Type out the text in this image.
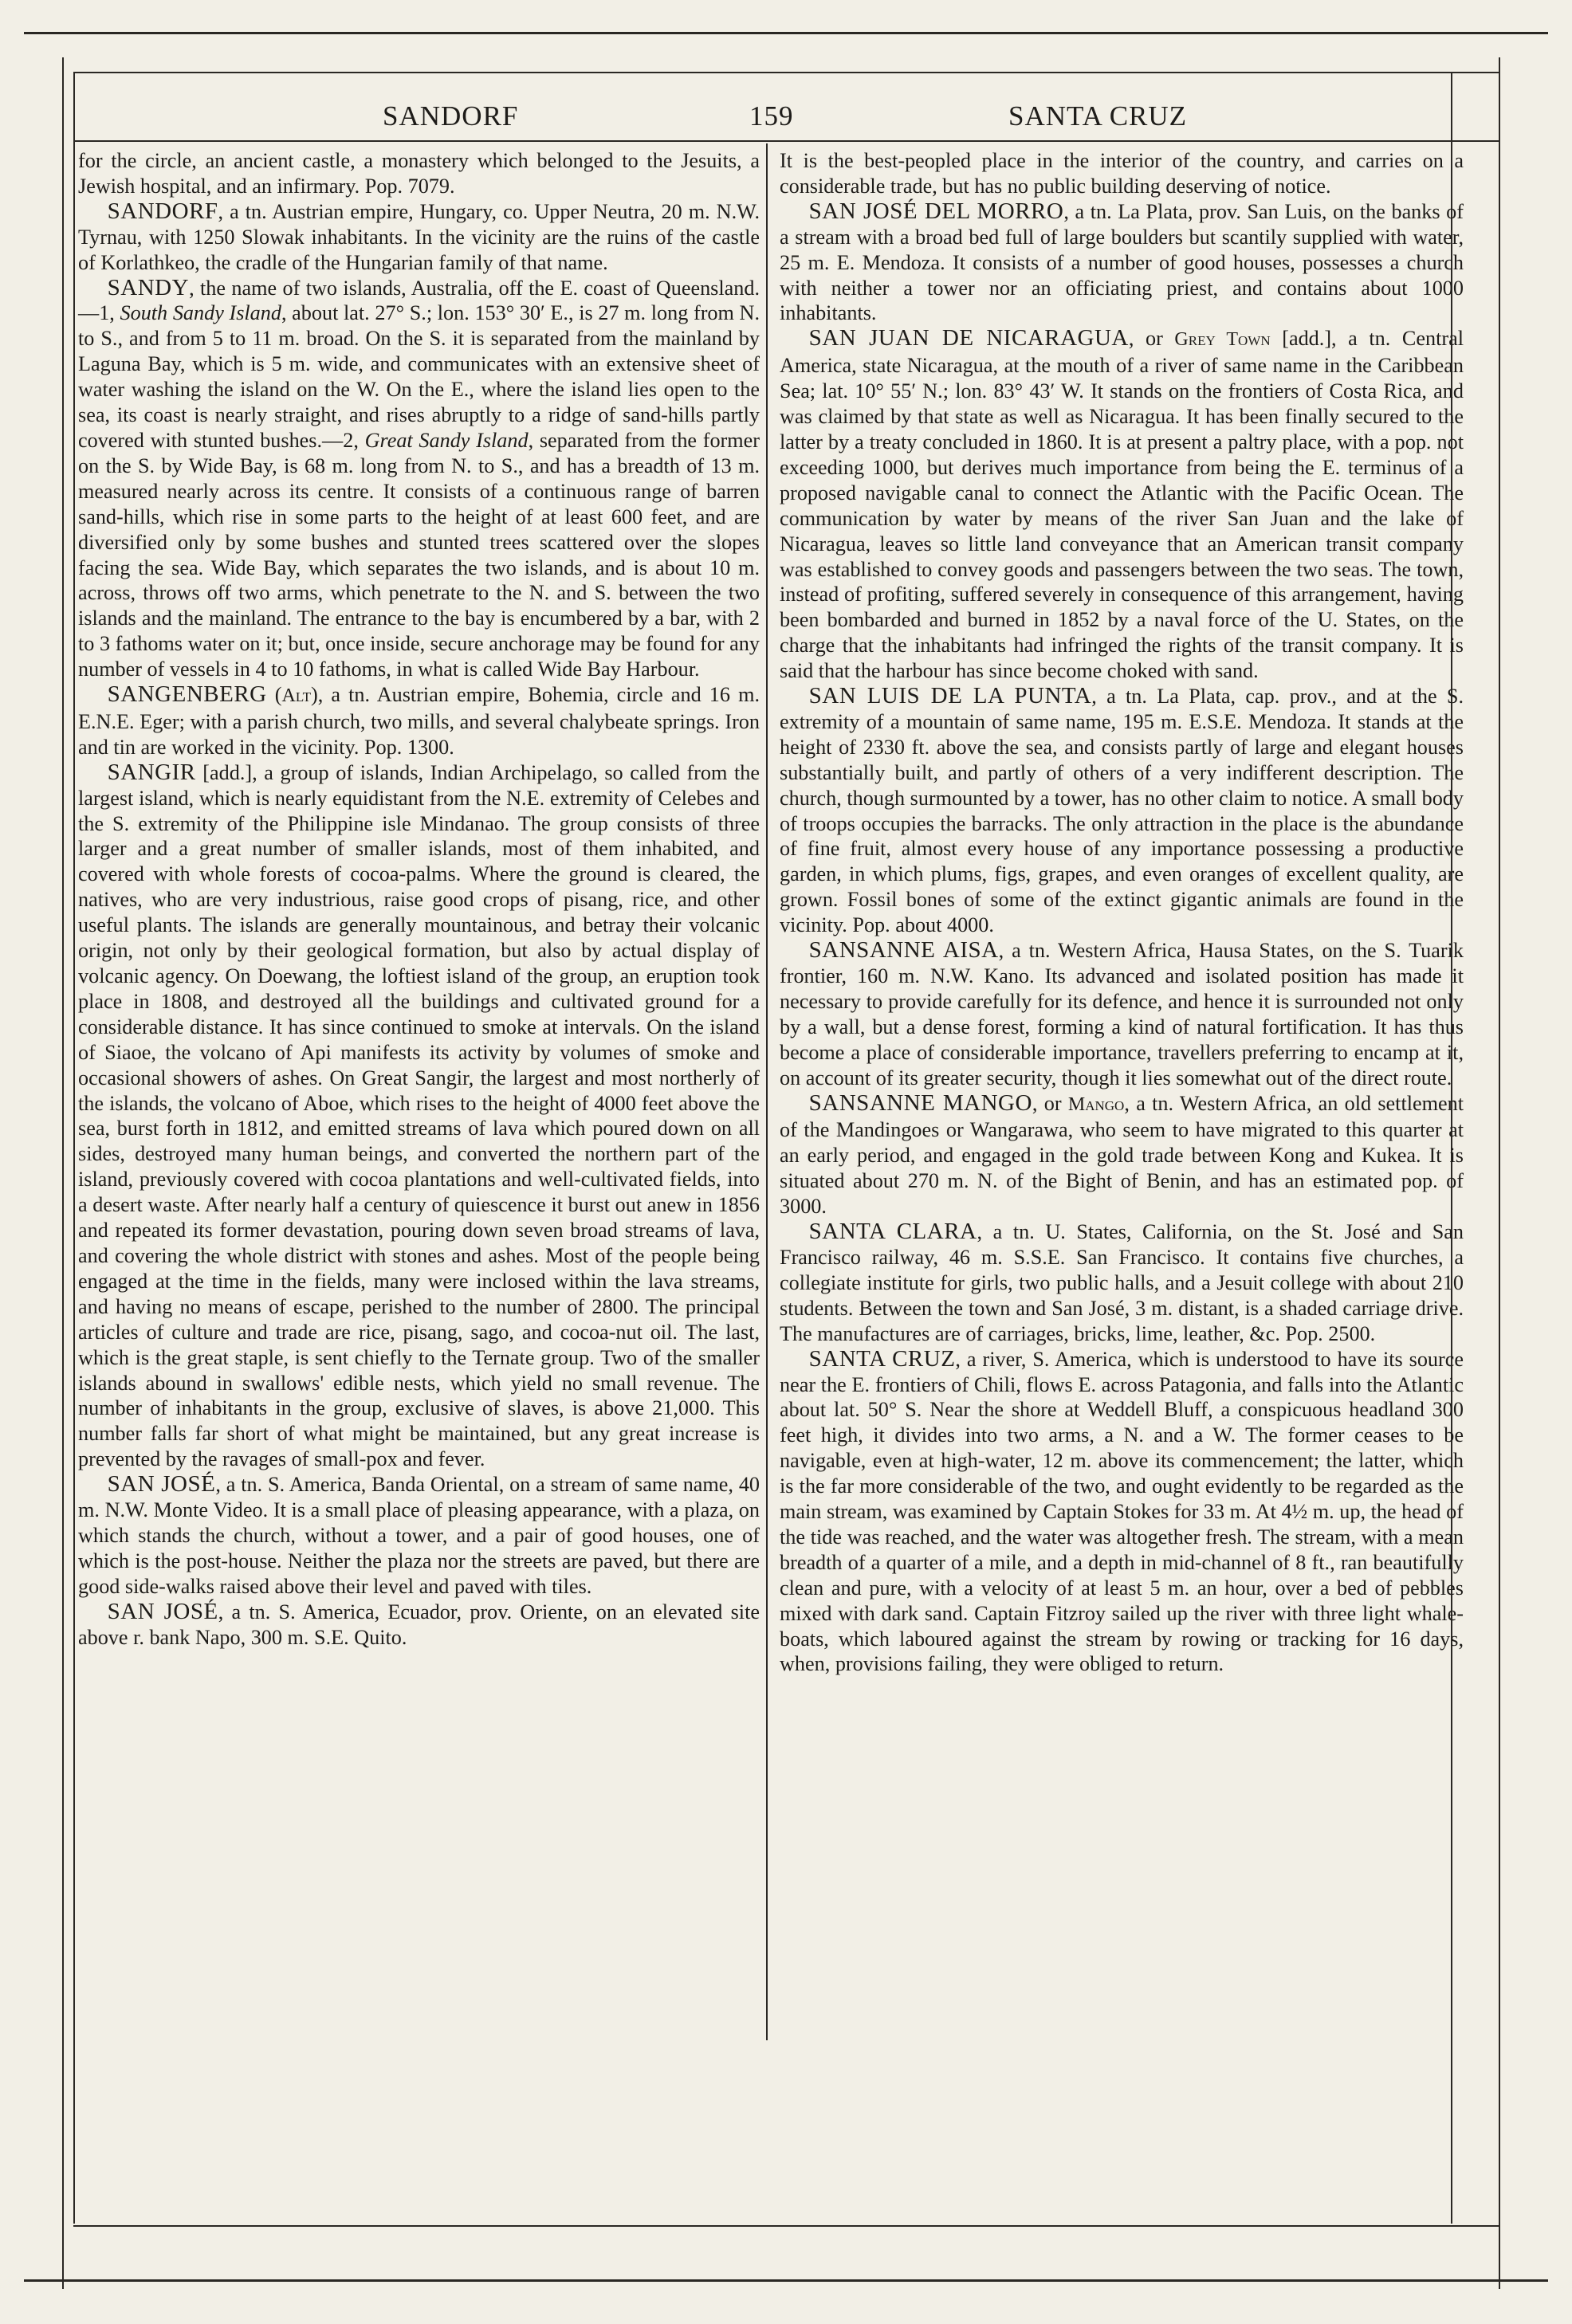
SANDORF	159	SANTA CRUZ

for the circle, an ancient castle, a monastery which belonged to the Jesuits, a Jewish hospital, and an infirmary. Pop. 7079.

SANDORF, a tn. Austrian empire, Hungary, co. Upper Neutra, 20 m. N.W. Tyrnau, with 1250 Slowak inhabitants. In the vicinity are the ruins of the castle of Korlathkeo, the cradle of the Hungarian family of that name.

SANDY, the name of two islands, Australia, off the E. coast of Queensland.—1, South Sandy Island, about lat. 27° S.; lon. 153° 30′ E., is 27 m. long from N. to S., and from 5 to 11 m. broad. On the S. it is separated from the mainland by Laguna Bay, which is 5 m. wide, and communicates with an extensive sheet of water washing the island on the W. On the E., where the island lies open to the sea, its coast is nearly straight, and rises abruptly to a ridge of sand-hills partly covered with stunted bushes.—2, Great Sandy Island, separated from the former on the S. by Wide Bay, is 68 m. long from N. to S., and has a breadth of 13 m. measured nearly across its centre. It consists of a continuous range of barren sand-hills, which rise in some parts to the height of at least 600 feet, and are diversified only by some bushes and stunted trees scattered over the slopes facing the sea. Wide Bay, which separates the two islands, and is about 10 m. across, throws off two arms, which penetrate to the N. and S. between the two islands and the mainland. The entrance to the bay is encumbered by a bar, with 2 to 3 fathoms water on it; but, once inside, secure anchorage may be found for any number of vessels in 4 to 10 fathoms, in what is called Wide Bay Harbour.

SANGENBERG (Alt), a tn. Austrian empire, Bohemia, circle and 16 m. E.N.E. Eger; with a parish church, two mills, and several chalybeate springs. Iron and tin are worked in the vicinity. Pop. 1300.

SANGIR [add.], a group of islands, Indian Archipelago, so called from the largest island, which is nearly equidistant from the N.E. extremity of Celebes and the S. extremity of the Philippine isle Mindanao. The group consists of three larger and a great number of smaller islands, most of them inhabited, and covered with whole forests of cocoa-palms. Where the ground is cleared, the natives, who are very industrious, raise good crops of pisang, rice, and other useful plants. The islands are generally mountainous, and betray their volcanic origin, not only by their geological formation, but also by actual display of volcanic agency. On Doewang, the loftiest island of the group, an eruption took place in 1808, and destroyed all the buildings and cultivated ground for a considerable distance. It has since continued to smoke at intervals. On the island of Siaoe, the volcano of Api manifests its activity by volumes of smoke and occasional showers of ashes. On Great Sangir, the largest and most northerly of the islands, the volcano of Aboe, which rises to the height of 4000 feet above the sea, burst forth in 1812, and emitted streams of lava which poured down on all sides, destroyed many human beings, and converted the northern part of the island, previously covered with cocoa plantations and well-cultivated fields, into a desert waste. After nearly half a century of quiescence it burst out anew in 1856 and repeated its former devastation, pouring down seven broad streams of lava, and covering the whole district with stones and ashes. Most of the people being engaged at the time in the fields, many were inclosed within the lava streams, and having no means of escape, perished to the number of 2800. The principal articles of culture and trade are rice, pisang, sago, and cocoa-nut oil. The last, which is the great staple, is sent chiefly to the Ternate group. Two of the smaller islands abound in swallows' edible nests, which yield no small revenue. The number of inhabitants in the group, exclusive of slaves, is above 21,000. This number falls far short of what might be maintained, but any great increase is prevented by the ravages of small-pox and fever.

SAN JOSÉ, a tn. S. America, Banda Oriental, on a stream of same name, 40 m. N.W. Monte Video. It is a small place of pleasing appearance, with a plaza, on which stands the church, without a tower, and a pair of good houses, one of which is the post-house. Neither the plaza nor the streets are paved, but there are good side-walks raised above their level and paved with tiles.

SAN JOSÉ, a tn. S. America, Ecuador, prov. Oriente, on an elevated site above r. bank Napo, 300 m. S.E. Quito.

It is the best-peopled place in the interior of the country, and carries on a considerable trade, but has no public building deserving of notice.

SAN JOSÉ DEL MORRO, a tn. La Plata, prov. San Luis, on the banks of a stream with a broad bed full of large boulders but scantily supplied with water, 25 m. E. Mendoza. It consists of a number of good houses, possesses a church with neither a tower nor an officiating priest, and contains about 1000 inhabitants.

SAN JUAN DE NICARAGUA, or Grey Town [add.], a tn. Central America, state Nicaragua, at the mouth of a river of same name in the Caribbean Sea; lat. 10° 55′ N.; lon. 83° 43′ W. It stands on the frontiers of Costa Rica, and was claimed by that state as well as Nicaragua. It has been finally secured to the latter by a treaty concluded in 1860. It is at present a paltry place, with a pop. not exceeding 1000, but derives much importance from being the E. terminus of a proposed navigable canal to connect the Atlantic with the Pacific Ocean. The communication by water by means of the river San Juan and the lake of Nicaragua, leaves so little land conveyance that an American transit company was established to convey goods and passengers between the two seas. The town, instead of profiting, suffered severely in consequence of this arrangement, having been bombarded and burned in 1852 by a naval force of the U. States, on the charge that the inhabitants had infringed the rights of the transit company. It is said that the harbour has since become choked with sand.

SAN LUIS DE LA PUNTA, a tn. La Plata, cap. prov., and at the S. extremity of a mountain of same name, 195 m. E.S.E. Mendoza. It stands at the height of 2330 ft. above the sea, and consists partly of large and elegant houses substantially built, and partly of others of a very indifferent description. The church, though surmounted by a tower, has no other claim to notice. A small body of troops occupies the barracks. The only attraction in the place is the abundance of fine fruit, almost every house of any importance possessing a productive garden, in which plums, figs, grapes, and even oranges of excellent quality, are grown. Fossil bones of some of the extinct gigantic animals are found in the vicinity. Pop. about 4000.

SANSANNE AISA, a tn. Western Africa, Hausa States, on the S. Tuarik frontier, 160 m. N.W. Kano. Its advanced and isolated position has made it necessary to provide carefully for its defence, and hence it is surrounded not only by a wall, but a dense forest, forming a kind of natural fortification. It has thus become a place of considerable importance, travellers preferring to encamp at it, on account of its greater security, though it lies somewhat out of the direct route.

SANSANNE MANGO, or Mango, a tn. Western Africa, an old settlement of the Mandingoes or Wangarawa, who seem to have migrated to this quarter at an early period, and engaged in the gold trade between Kong and Kukea. It is situated about 270 m. N. of the Bight of Benin, and has an estimated pop. of 3000.

SANTA CLARA, a tn. U. States, California, on the St. José and San Francisco railway, 46 m. S.S.E. San Francisco. It contains five churches, a collegiate institute for girls, two public halls, and a Jesuit college with about 210 students. Between the town and San José, 3 m. distant, is a shaded carriage drive. The manufactures are of carriages, bricks, lime, leather, &c. Pop. 2500.

SANTA CRUZ, a river, S. America, which is understood to have its source near the E. frontiers of Chili, flows E. across Patagonia, and falls into the Atlantic about lat. 50° S. Near the shore at Weddell Bluff, a conspicuous headland 300 feet high, it divides into two arms, a N. and a W. The former ceases to be navigable, even at high-water, 12 m. above its commencement; the latter, which is the far more considerable of the two, and ought evidently to be regarded as the main stream, was examined by Captain Stokes for 33 m. At 4½ m. up, the head of the tide was reached, and the water was altogether fresh. The stream, with a mean breadth of a quarter of a mile, and a depth in mid-channel of 8 ft., ran beautifully clean and pure, with a velocity of at least 5 m. an hour, over a bed of pebbles mixed with dark sand. Captain Fitzroy sailed up the river with three light whale-boats, which laboured against the stream by rowing or tracking for 16 days, when, provisions failing, they were obliged to return.
